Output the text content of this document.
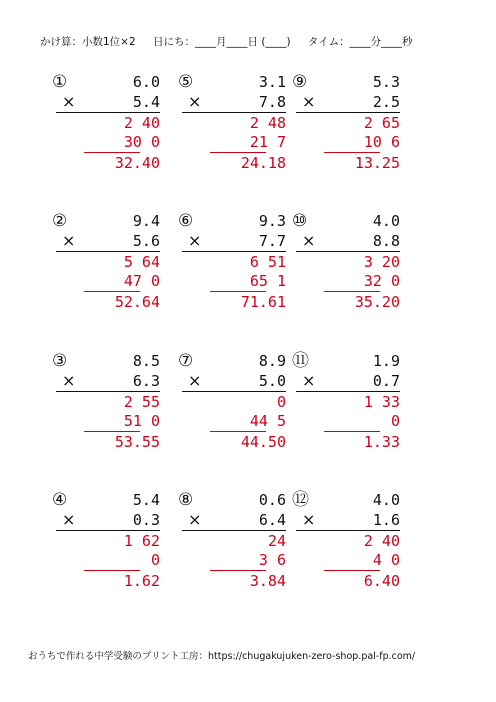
かけ算：小数1位×2 日にち：____月____日 (____) タイム：____分____秒
①	6.0
×	5.4
2 40
30 0
32.40
⑤	3.1
×	7.8
2 48
21 7
24.18
⑨	5.3
×	2.5
2 65
10 6
13.25
②	9.4
×	5.6
5 64
47 0
52.64
⑥	9.3
×	7.7
6 51
65 1
71.61
⑩	4.0
×	8.8
3 20
32 0
35.20
③	8.5
×	6.3
2 55
51 0
53.55
⑦	8.9
×	5.0
0
44 5
44.50
⑪	1.9
×	0.7
1 33
0
1.33
④	5.4
×	0.3
1 62
0
1.62
⑧	0.6
×	6.4
24
3 6
3.84
⑫	4.0
×	1.6
2 40
4 0
6.40
おうちで作れる中学受験のプリント工房：https://chugakujuken-zero-shop.pal-fp.com/
